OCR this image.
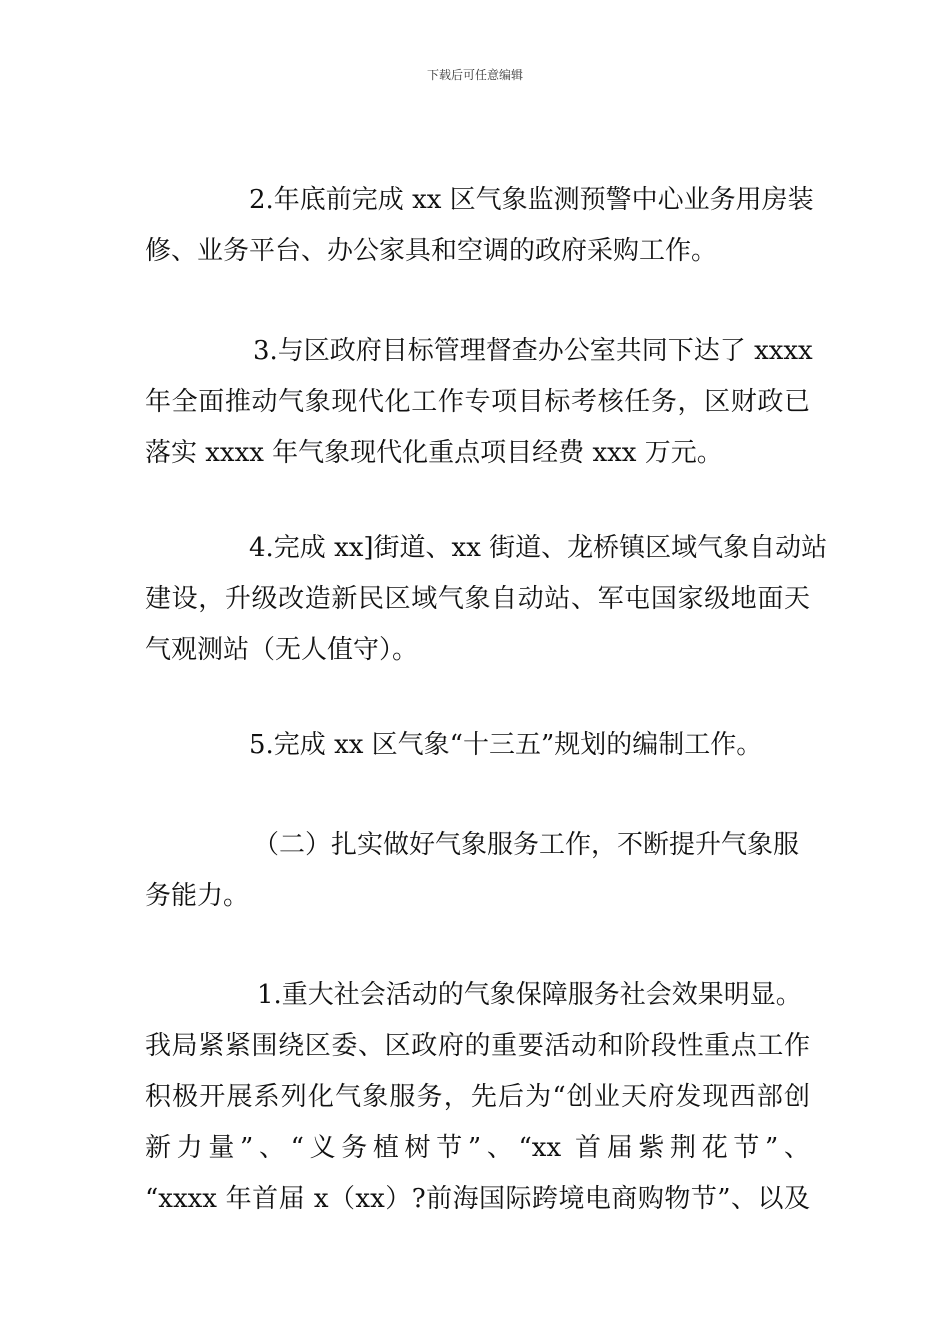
下载后可任意编辑
2.年底前完成 xx 区气象监测预警中心业务用房装
修、业务平台、办公家具和空调的政府采购工作。
3.与区政府目标管理督查办公室共同下达了 xxxx
年全面推动气象现代化工作专项目标考核任务，区财政已
落实 xxxx 年气象现代化重点项目经费 xxx 万元。
4.完成 xx]街道、xx 街道、龙桥镇区域气象自动站
建设，升级改造新民区域气象自动站、军屯国家级地面天
气观测站（无人值守）。
5.完成 xx 区气象“十三五”规划的编制工作。
（二）扎实做好气象服务工作，不断提升气象服
务能力。
1.重大社会活动的气象保障服务社会效果明显。
我局紧紧围绕区委、区政府的重要活动和阶段性重点工作
积极开展系列化气象服务，先后为“创业天府发现西部创
新力量”、“义务植树节”、“xx 首届紫荆花节”、
“xxxx 年首届 x（xx）?前海国际跨境电商购物节”、以及
